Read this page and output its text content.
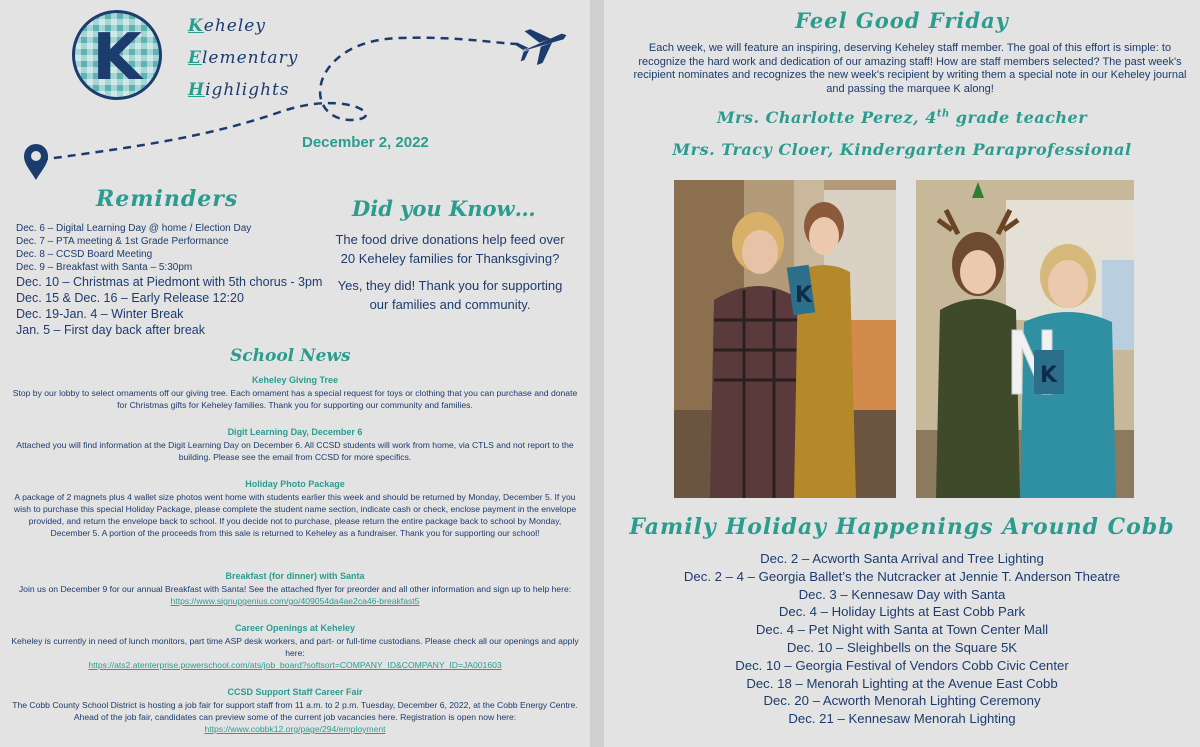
K	Keheley
Elementary
Highlights
December 2, 2022
Reminders
Dec. 6 – Digital Learning Day @ home / Election Day
Dec. 7 – PTA meeting & 1st Grade Performance
Dec. 8 – CCSD Board Meeting
Dec. 9 – Breakfast with Santa – 5:30pm
Dec. 10 – Christmas at Piedmont with 5th chorus - 3pm
Dec. 15 & Dec. 16 – Early Release 12:20
Dec. 19-Jan. 4 – Winter Break
Jan. 5 – First day back after break
Did you Know…
The food drive donations help feed over 20 Keheley families for Thanksgiving?
Yes, they did! Thank you for supporting our families and community.
School News
Keheley Giving Tree

Stop by our lobby to select ornaments off our giving tree. Each ornament has a special request for toys or clothing that you can purchase and donate for Christmas gifts for Keheley families. Thank you for supporting our community and families.

Digit Learning Day, December 6

Attached you will find information at the Digit Learning Day on December 6. All CCSD students will work from home, via CTLS and not report to the building. Please see the email from CCSD for more specifics.

Holiday Photo Package

A package of 2 magnets plus 4 wallet size photos went home with students earlier this week and should be returned by Monday, December 5. If you wish to purchase this special Holiday Package, please complete the student name section, indicate cash or check, enclose payment in the envelope provided, and return the envelope back to school. If you decide not to purchase, please return the entire package back to school by Monday, December 5. A portion of the proceeds from this sale is returned to Keheley as a fundraiser. Thank you for supporting our school!

Breakfast (for dinner) with Santa

Join us on December 9 for our annual Breakfast with Santa! See the attached flyer for preorder and all other information and sign up to help here:

https://www.signupgenius.com/go/409054da4ae2ca46-breakfast5
Career Openings at Keheley

Keheley is currently in need of lunch monitors, part time ASP desk workers, and part- or full-time custodians. Please check all our openings and apply here:

https://ats2.atenterprise.powerschool.com/ats/job_board?softsort=COMPANY_ID&COMPANY_ID=JA001603
CCSD Support Staff Career Fair

The Cobb County School District is hosting a job fair for support staff from 11 a.m. to 2 p.m. Tuesday, December 6, 2022, at the Cobb Energy Centre. Ahead of the job fair, candidates can preview some of the current job vacancies here. Registration is open now here: https://www.cobbk12.org/page/294/employment

Feel Good Friday
Each week, we will feature an inspiring, deserving Keheley staff member. The goal of this effort is simple: to recognize the hard work and dedication of our amazing staff! How are staff members selected? The past week's recipient nominates and recognizes the new week's recipient by writing them a special note in our Keheley journal and passing the marquee K along!
Mrs. Charlotte Perez, 4th grade teacher
Mrs. Tracy Cloer, Kindergarten Paraprofessional
K
K
Family Holiday Happenings Around Cobb
Dec. 2 – Acworth Santa Arrival and Tree Lighting
Dec. 2 – 4 – Georgia Ballet’s the Nutcracker at Jennie T. Anderson Theatre
Dec. 3 – Kennesaw Day with Santa
Dec. 4 – Holiday Lights at East Cobb Park
Dec. 4 – Pet Night with Santa at Town Center Mall
Dec. 10 – Sleighbells on the Square 5K
Dec. 10 – Georgia Festival of Vendors Cobb Civic Center
Dec. 18 – Menorah Lighting at the Avenue East Cobb
Dec. 20 – Acworth Menorah Lighting Ceremony
Dec. 21 – Kennesaw Menorah Lighting
